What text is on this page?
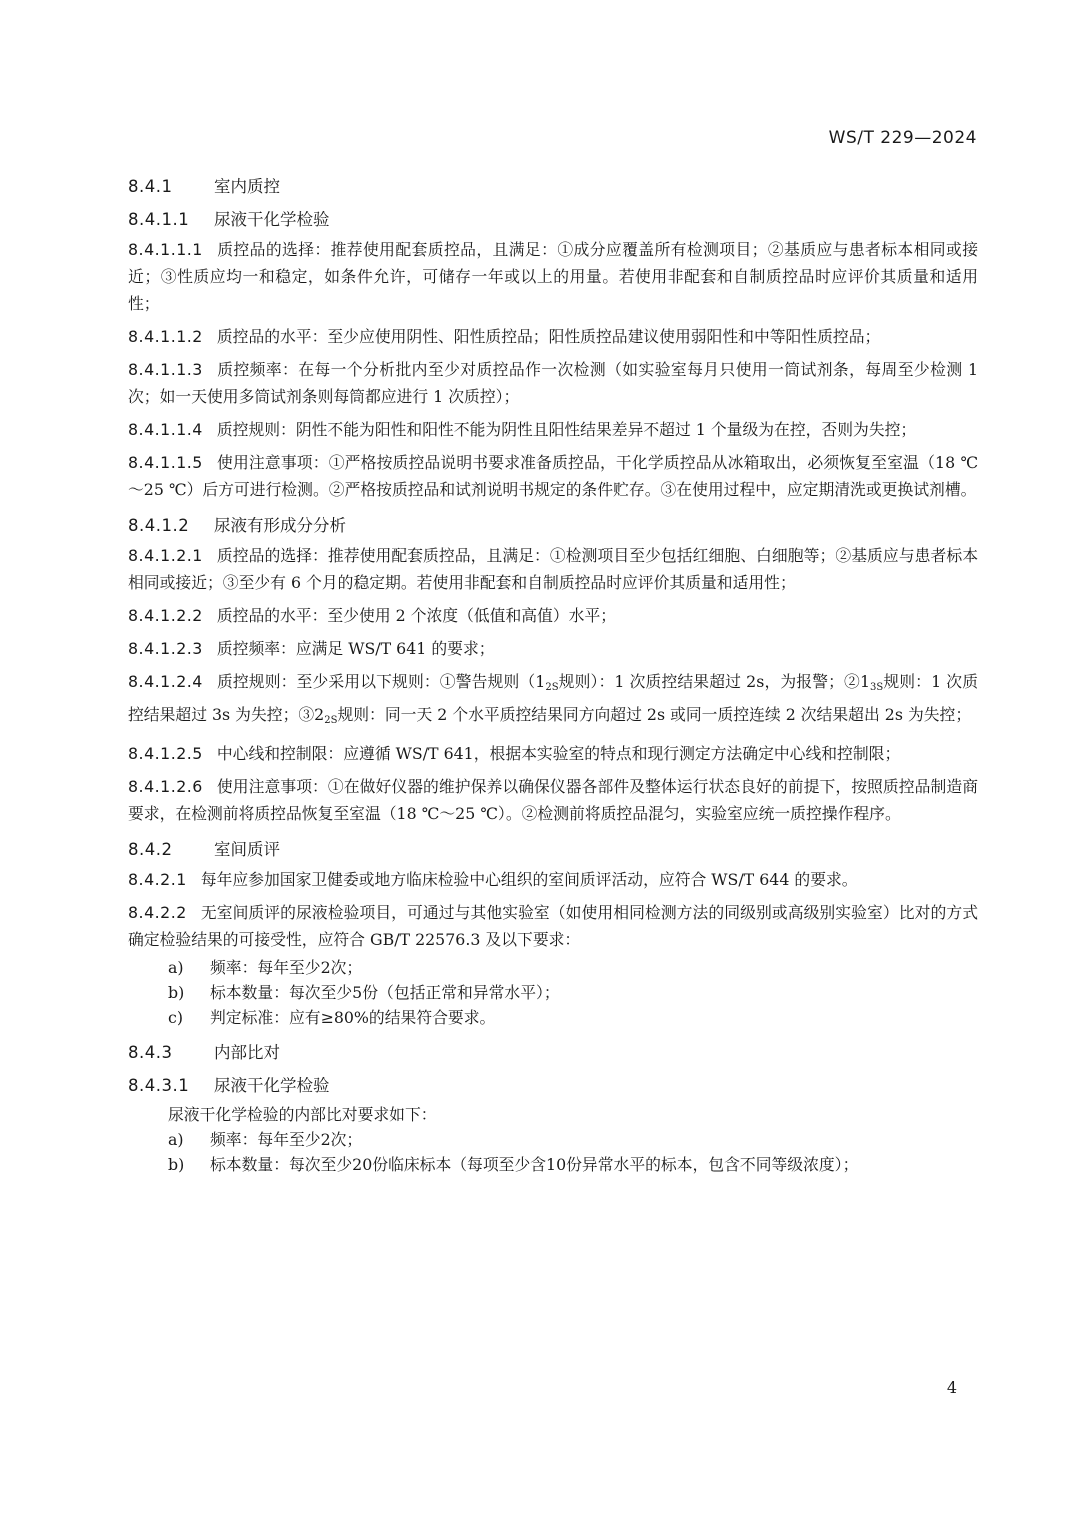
WS/T 229—2024
8.4.1	室内质控
8.4.1.1 尿液干化学检验
8.4.1.1.1 质控品的选择：推荐使用配套质控品，且满足：①成分应覆盖所有检测项目；②基质应与患者标本相同或接近；③性质应均一和稳定，如条件允许，可储存一年或以上的用量。若使用非配套和自制质控品时应评价其质量和适用性；
8.4.1.1.2 质控品的水平：至少应使用阴性、阳性质控品；阳性质控品建议使用弱阳性和中等阳性质控品；
8.4.1.1.3 质控频率：在每一个分析批内至少对质控品作一次检测（如实验室每月只使用一筒试剂条，每周至少检测 1 次；如一天使用多筒试剂条则每筒都应进行 1 次质控）；
8.4.1.1.4 质控规则：阴性不能为阳性和阳性不能为阴性且阳性结果差异不超过 1 个量级为在控，否则为失控；
8.4.1.1.5 使用注意事项：①严格按质控品说明书要求准备质控品，干化学质控品从冰箱取出，必须恢复至室温（18 ℃～25 ℃）后方可进行检测。②严格按质控品和试剂说明书规定的条件贮存。③在使用过程中，应定期清洗或更换试剂槽。
8.4.1.2 尿液有形成分分析
8.4.1.2.1 质控品的选择：推荐使用配套质控品，且满足：①检测项目至少包括红细胞、白细胞等；②基质应与患者标本相同或接近；③至少有 6 个月的稳定期。若使用非配套和自制质控品时应评价其质量和适用性；
8.4.1.2.2 质控品的水平：至少使用 2 个浓度（低值和高值）水平；
8.4.1.2.3 质控频率：应满足 WS/T 641 的要求；
8.4.1.2.4 质控规则：至少采用以下规则：①警告规则（$1_{2S}$规则）：1 次质控结果超过 2s，为报警；$②1_{3S}$规则：1 次质控结果超过 3s 为失控；$③2_{2S}$规则：同一天 2 个水平质控结果同方向超过 2s 或同一质控连续 2 次结果超出 2s 为失控；
8.4.1.2.5 中心线和控制限：应遵循 WS/T 641，根据本实验室的特点和现行测定方法确定中心线和控制限；
8.4.1.2.6 使用注意事项：①在做好仪器的维护保养以确保仪器各部件及整体运行状态良好的前提下，按照质控品制造商要求，在检测前将质控品恢复至室温（18 ℃～25 ℃）。②检测前将质控品混匀，实验室应统一质控操作程序。
8.4.2	室间质评
8.4.2.1 每年应参加国家卫健委或地方临床检验中心组织的室间质评活动，应符合 WS/T 644 的要求。
8.4.2.2 无室间质评的尿液检验项目，可通过与其他实验室（如使用相同检测方法的同级别或高级别实验室）比对的方式确定检验结果的可接受性，应符合 GB/T 22576.3 及以下要求：
a)	频率：每年至少2次；
b)	标本数量：每次至少5份（包括正常和异常水平）；
c)	判定标准：应有≥80%的结果符合要求。
8.4.3	内部比对
8.4.3.1 尿液干化学检验
尿液干化学检验的内部比对要求如下：
a)	频率：每年至少2次；
b)	标本数量：每次至少20份临床标本（每项至少含10份异常水平的标本，包含不同等级浓度）；
4
